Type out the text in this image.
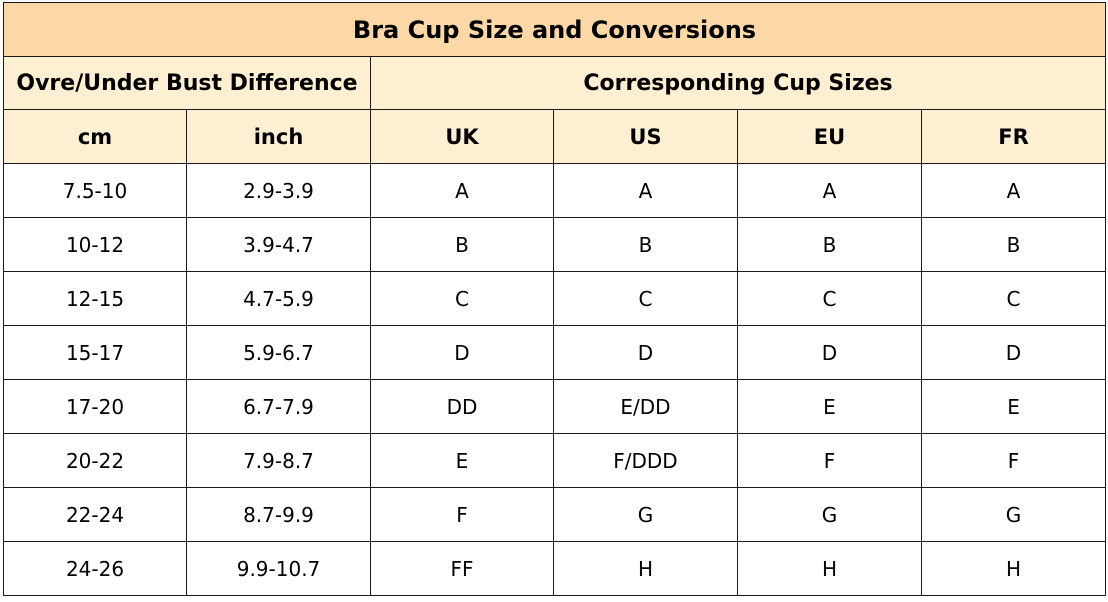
Bra Cup Size and Conversions					
Ovre/Under Bust Difference		Corresponding Cup Sizes			
cm	inch	UK	US	EU	FR
7.5-10	2.9-3.9	A	A	A	A
10-12	3.9-4.7	B	B	B	B
12-15	4.7-5.9	C	C	C	C
15-17	5.9-6.7	D	D	D	D
17-20	6.7-7.9	DD	E/DD	E	E
20-22	7.9-8.7	E	F/DDD	F	F
22-24	8.7-9.9	F	G	G	G
24-26	9.9-10.7	FF	H	H	H
